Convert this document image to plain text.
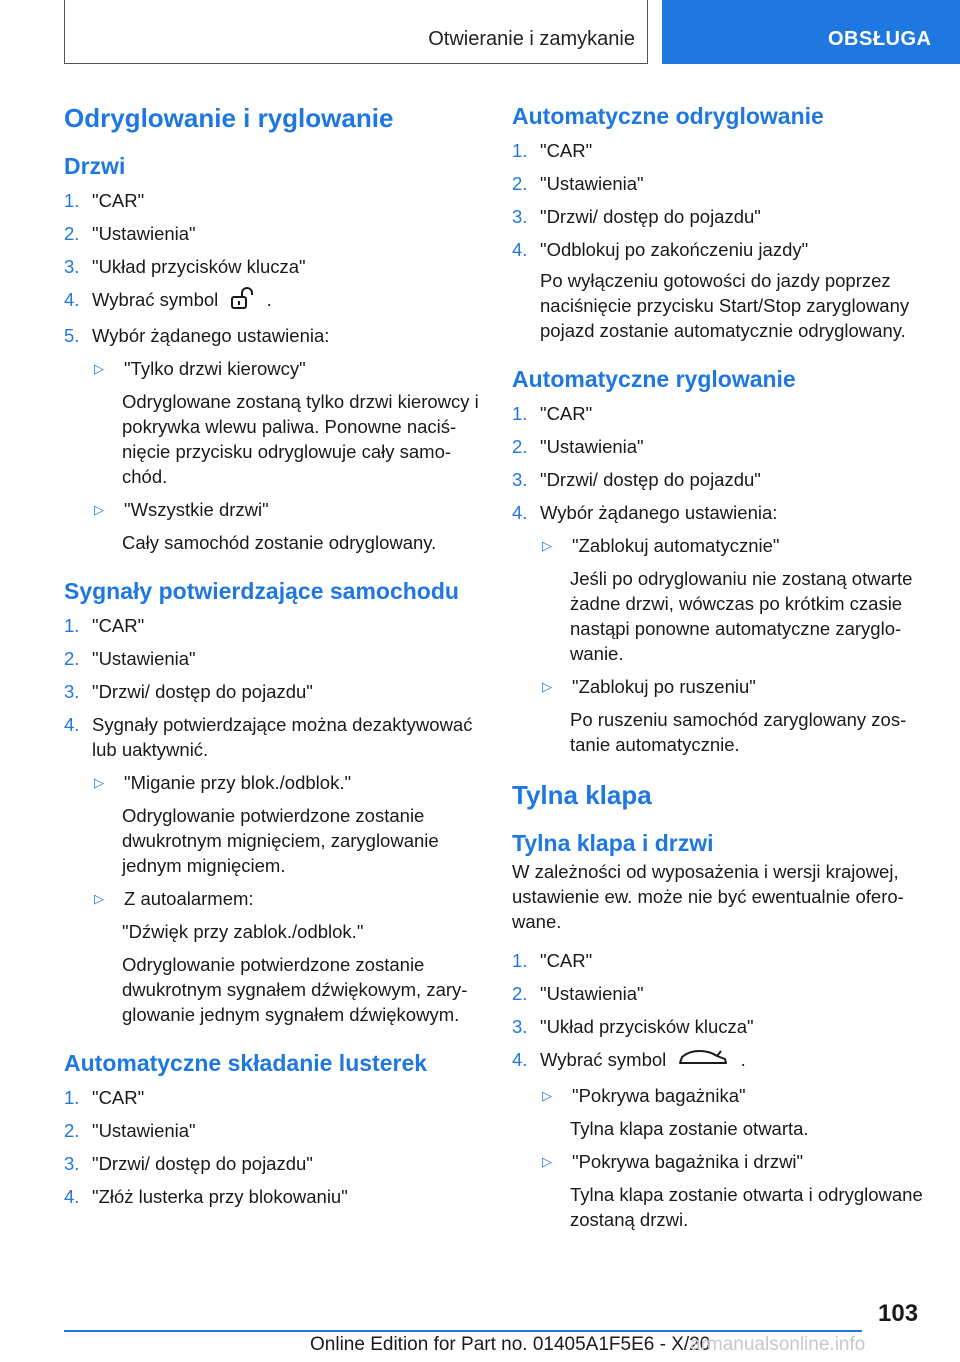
Otwieranie i zamykanie	OBSŁUGA
Odryglowanie i ryglowanie
Drzwi
1. "CAR"
2. "Ustawienia"
3. "Układ przycisków klucza"
4. Wybrać symbol	.
5. Wybór żądanego ustawienia:
▷	"Tylko drzwi kierowcy"

Odryglowane zostaną tylko drzwi kierowcy i pokrywka wlewu paliwa. Ponowne naciśnięcie przycisku odryglowuje cały samochód.

▷	"Wszystkie drzwi"

Cały samochód zostanie odryglowany.

Sygnały potwierdzające samochodu
1. "CAR"
2. "Ustawienia"
3. "Drzwi/ dostęp do pojazdu"
4. Sygnały potwierdzające można dezaktywować lub uaktywnić.
▷	"Miganie przy blok./odblok."

Odryglowanie potwierdzone zostanie dwukrotnym mignięciem, zaryglowanie jednym mignięciem.

▷	Z autoalarmem:

"Dźwięk przy zablok./odblok."

Odryglowanie potwierdzone zostanie dwukrotnym sygnałem dźwiękowym, zaryglowanie jednym sygnałem dźwiękowym.

Automatyczne składanie lusterek
1. "CAR"
2. "Ustawienia"
3. "Drzwi/ dostęp do pojazdu"
4. "Złóż lusterka przy blokowaniu"
Automatyczne odryglowanie
1. "CAR"
2. "Ustawienia"
3. "Drzwi/ dostęp do pojazdu"
4. "Odblokuj po zakończeniu jazdy"

Po wyłączeniu gotowości do jazdy poprzez naciśnięcie przycisku Start/Stop zaryglowany pojazd zostanie automatycznie odryglowany.

Automatyczne ryglowanie
1. "CAR"
2. "Ustawienia"
3. "Drzwi/ dostęp do pojazdu"
4. Wybór żądanego ustawienia:
▷	"Zablokuj automatycznie"

Jeśli po odryglowaniu nie zostaną otwarte żadne drzwi, wówczas po krótkim czasie nastąpi ponowne automatyczne zaryglowanie.

▷	"Zablokuj po ruszeniu"

Po ruszeniu samochód zaryglowany zostanie automatycznie.

Tylna klapa
Tylna klapa i drzwi

W zależności od wyposażenia i wersji krajowej, ustawienie ew. może nie być ewentualnie oferowane.

1. "CAR"
2. "Ustawienia"
3. "Układ przycisków klucza"
4. Wybrać symbol	.
▷	"Pokrywa bagażnika"

Tylna klapa zostanie otwarta.

▷	"Pokrywa bagażnika i drzwi"

Tylna klapa zostanie otwarta i odryglowane zostaną drzwi.

103
Online Edition for Part no. 01405A1F5E6 - X/20
armanualsonline.info
